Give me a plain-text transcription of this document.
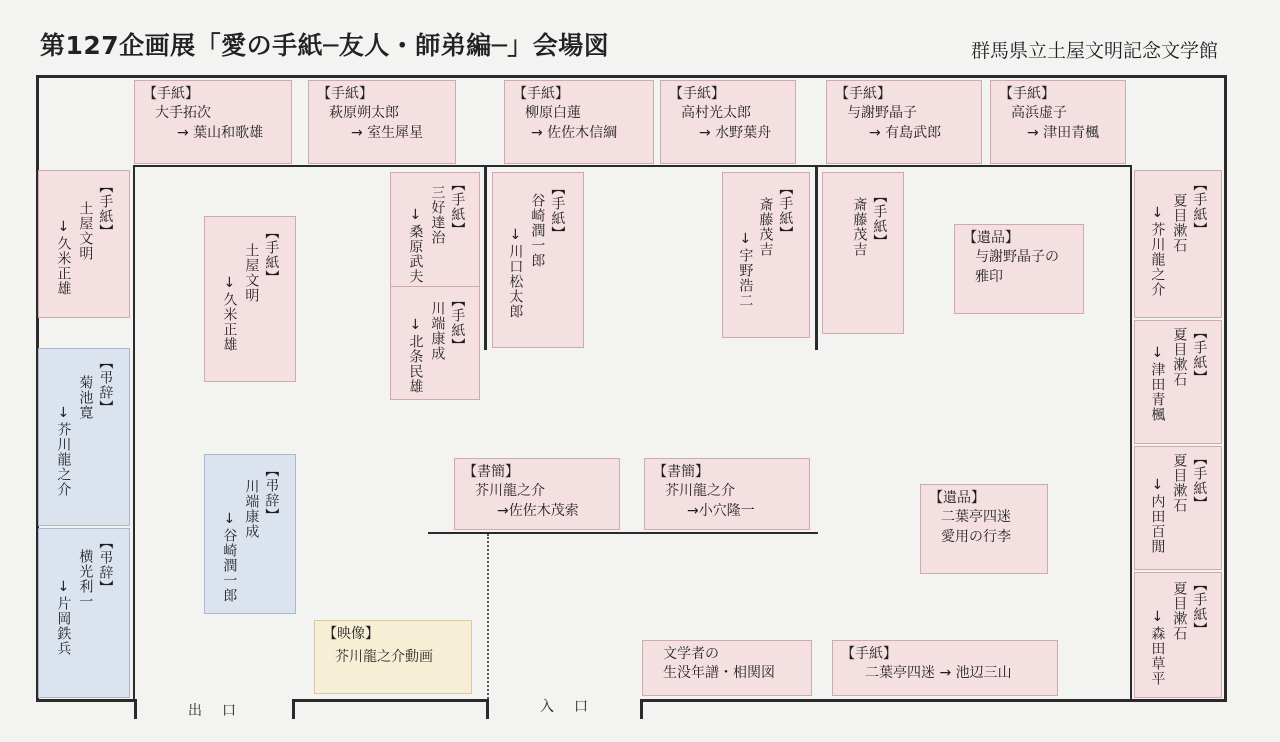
第127企画展「愛の手紙─友人・師弟編─」会場図	群馬県立土屋文明記念文学館
【手紙】
大手拓次
→ 葉山和歌雄
【手紙】
萩原朔太郎
→ 室生犀星
【手紙】
柳原白蓮
→ 佐佐木信綱
【手紙】
高村光太郎
→ 水野葉舟
【手紙】
与謝野晶子
→ 有島武郎
【手紙】
高浜虚子
→ 津田青楓
【手紙】
土屋文明
↓久米正雄
【弔辞】
菊池寛
↓芥川龍之介
【弔辞】
横光利一
↓片岡鉄兵
【手紙】
土屋文明
↓久米正雄
【弔辞】
川端康成
↓谷崎潤一郎
【手紙】
三好達治
↓桑原武夫
【手紙】
川端康成
↓北条民雄
【手紙】
谷崎潤一郎
↓川口松太郎
【手紙】
斎藤茂吉
↓宇野浩二
【手紙】
斎藤茂吉	【遺品】
与謝野晶子の
雅印
【手紙】
夏目漱石
↓芥川龍之介
【手紙】
夏目漱石
↓津田青楓
【手紙】
夏目漱石
↓内田百閒
【手紙】
夏目漱石
↓森田草平
【書簡】
芥川龍之介
→佐佐木茂索
【書簡】
芥川龍之介
→小穴隆一
【遺品】
二葉亭四迷
愛用の行李
【映像】
芥川龍之介動画	文学者の
生没年譜・相関図
【手紙】
二葉亭四迷 → 池辺三山
出口	入口
